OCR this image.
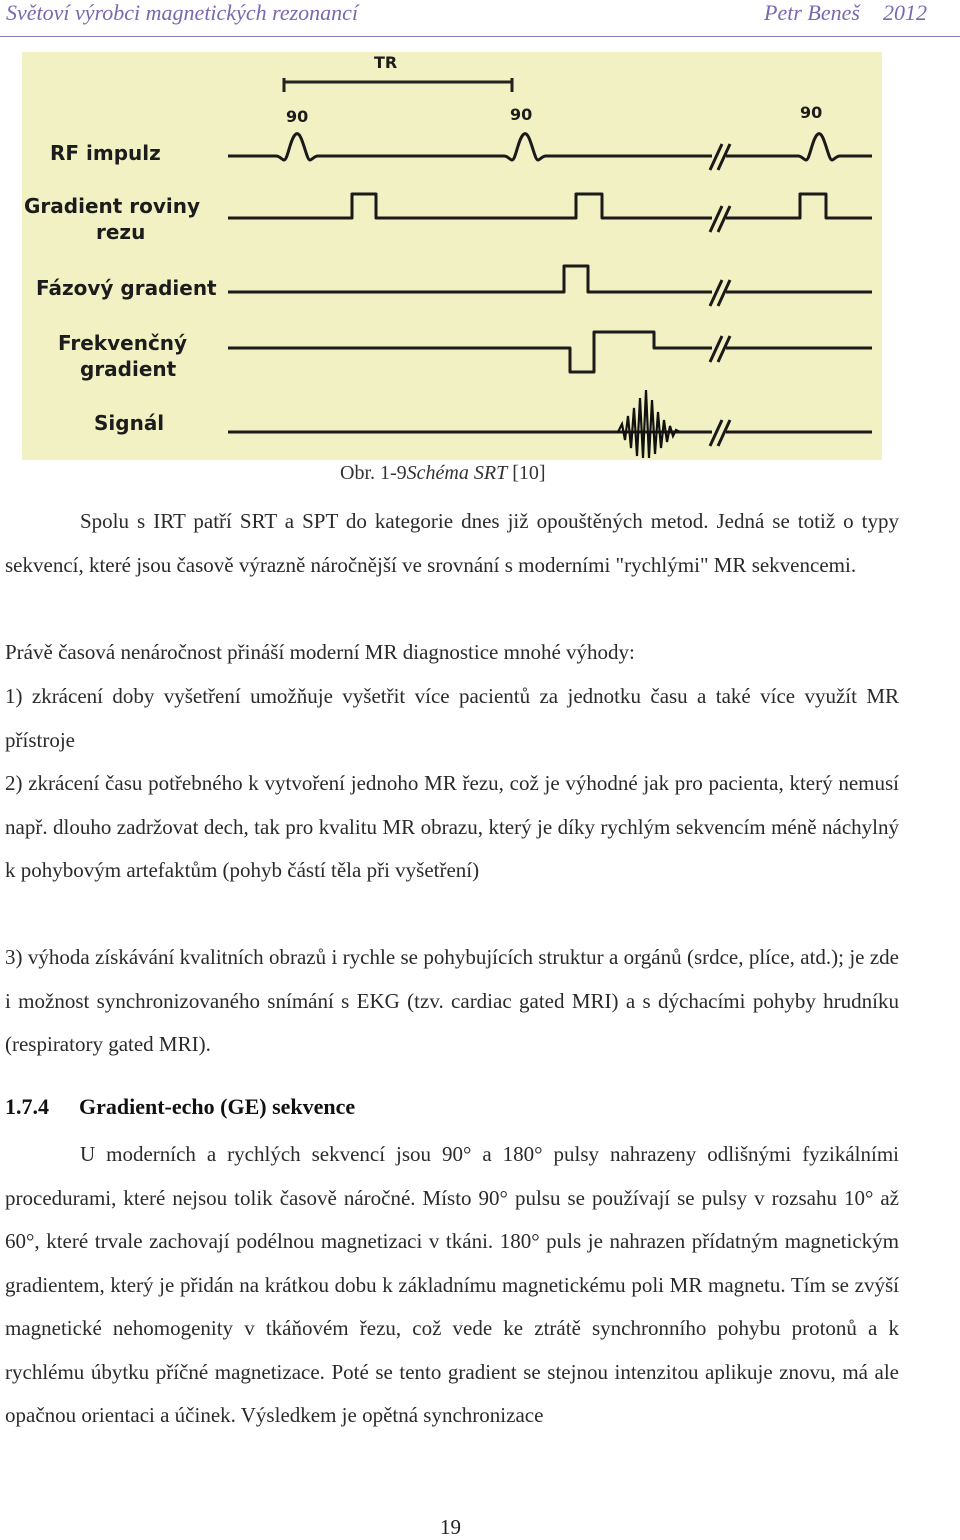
Světoví výrobci magnetických rezonancí	Petr Beneš 2012
TR
90	90	90
RF impulz
Gradient roviny
rezu
Fázový gradient
Frekvenčný
gradient
Signál
Obr. 1-9Schéma SRT [10]

Spolu s IRT patří SRT a SPT do kategorie dnes již opouštěných metod. Jedná se totiž o typy sekvencí, které jsou časově výrazně náročnější ve srovnání s moderními "rychlými" MR sekvencemi.

Právě časová nenáročnost přináší moderní MR diagnostice mnohé výhody:

1) zkrácení doby vyšetření umožňuje vyšetřit více pacientů za jednotku času a také více využít MR přístroje

2) zkrácení času potřebného k vytvoření jednoho MR řezu, což je výhodné jak pro pacienta, který nemusí např. dlouho zadržovat dech, tak pro kvalitu MR obrazu, který je díky rychlým sekvencím méně náchylný k pohybovým artefaktům (pohyb částí těla při vyšetření)

3) výhoda získávání kvalitních obrazů i rychle se pohybujících struktur a orgánů (srdce, plíce, atd.); je zde i možnost synchronizovaného snímání s EKG (tzv. cardiac gated MRI) a s dýchacími pohyby hrudníku (respiratory gated MRI).

1.7.4 Gradient-echo (GE) sekvence

U moderních a rychlých sekvencí jsou 90° a 180° pulsy nahrazeny odlišnými fyzikálními procedurami, které nejsou tolik časově náročné. Místo 90° pulsu se používají se pulsy v rozsahu 10° až 60°, které trvale zachovají podélnou magnetizaci v tkáni. 180° puls je nahrazen přídatným magnetickým gradientem, který je přidán na krátkou dobu k základnímu magnetickému poli MR magnetu. Tím se zvýší magnetické nehomogenity v tkáňovém řezu, což vede ke ztrátě synchronního pohybu protonů a k rychlému úbytku příčné magnetizace. Poté se tento gradient se stejnou intenzitou aplikuje znovu, má ale opačnou orientaci a účinek. Výsledkem je opětná synchronizace

19
